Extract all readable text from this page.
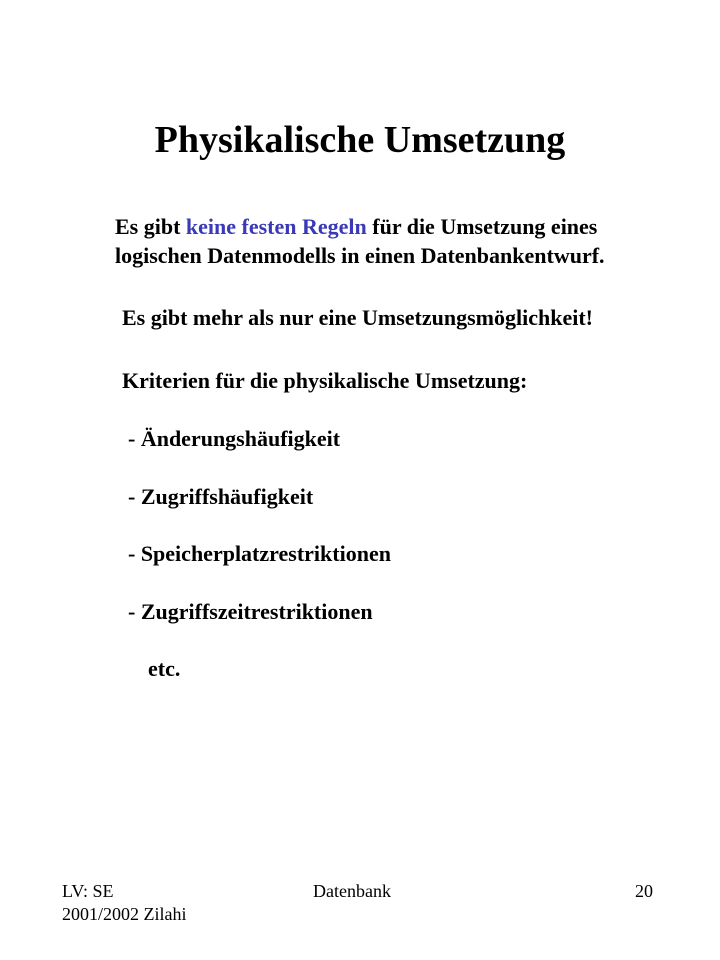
Physikalische Umsetzung

Es gibt keine festen Regeln für die Umsetzung eines

logischen Datenmodells in einen Datenbankentwurf.

Es gibt mehr als nur eine Umsetzungsmöglichkeit!

Kriterien für die physikalische Umsetzung:

- Änderungshäufigkeit

- Zugriffshäufigkeit

- Speicherplatzrestriktionen

- Zugriffszeitrestriktionen

etc.

LV: SE

2001/2002 Zilahi

Datenbank	20
